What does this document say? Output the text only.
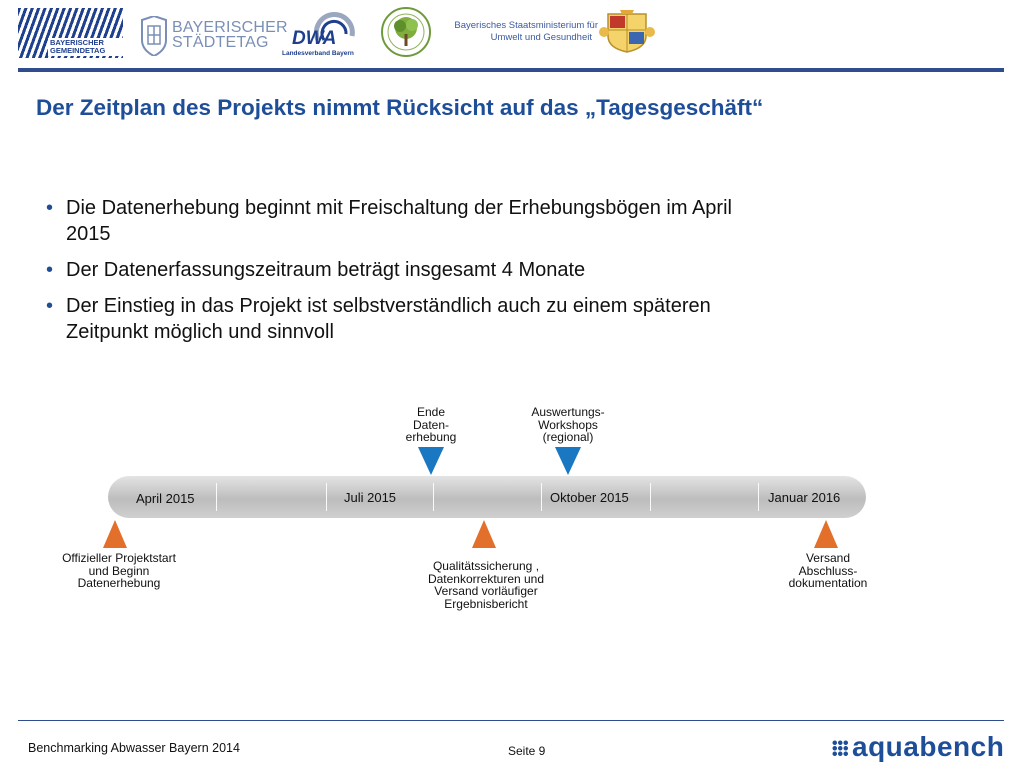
BAYERISCHER
GEMEINDETAG
BAYERISCHER
STÄDTETAG	DWA
Landesverband Bayern
Bayerisches Staatsministerium für
Umwelt und Gesundheit
Der Zeitplan des Projekts nimmt Rücksicht auf das „Tagesgeschäft“
• Die Datenerhebung beginnt mit Freischaltung der Erhebungsbögen im April 2015
• Der Datenerfassungszeitraum beträgt insgesamt 4 Monate
• Der Einstieg in das Projekt ist selbstverständlich auch zu einem späteren Zeitpunkt möglich und sinnvoll
Ende
Daten-
erhebung
Auswertungs-
Workshops
(regional)
April 2015	Juli 2015	Oktober 2015	Januar 2016
Offizieller Projektstart
und Beginn
Datenerhebung
Qualitätssicherung ,
Datenkorrekturen und
Versand vorläufiger
Ergebnisbericht
Versand
Abschluss-
dokumentation
Benchmarking Abwasser Bayern 2014	Seite 9	aquabench
